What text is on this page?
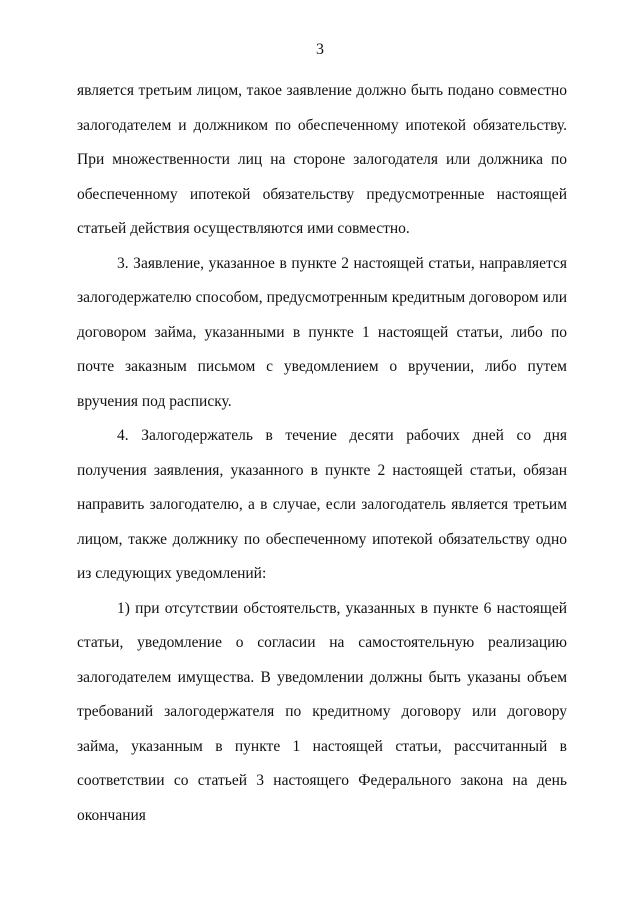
3

является третьим лицом, такое заявление должно быть подано совместно залогодателем и должником по обеспеченному ипотекой обязательству. При множественности лиц на стороне залогодателя или должника по обеспеченному ипотекой обязательству предусмотренные настоящей статьей действия осуществляются ими совместно.

3. Заявление, указанное в пункте 2 настоящей статьи, направляется залогодержателю способом, предусмотренным кредитным договором или договором займа, указанными в пункте 1 настоящей статьи, либо по почте заказным письмом с уведомлением о вручении, либо путем вручения под расписку.

4. Залогодержатель в течение десяти рабочих дней со дня получения заявления, указанного в пункте 2 настоящей статьи, обязан направить залогодателю, а в случае, если залогодатель является третьим лицом, также должнику по обеспеченному ипотекой обязательству одно из следующих уведомлений:

1) при отсутствии обстоятельств, указанных в пункте 6 настоящей статьи, уведомление о согласии на самостоятельную реализацию залогодателем имущества. В уведомлении должны быть указаны объем требований залогодержателя по кредитному договору или договору займа, указанным в пункте 1 настоящей статьи, рассчитанный в соответствии со статьей 3 настоящего Федерального закона на день окончания
